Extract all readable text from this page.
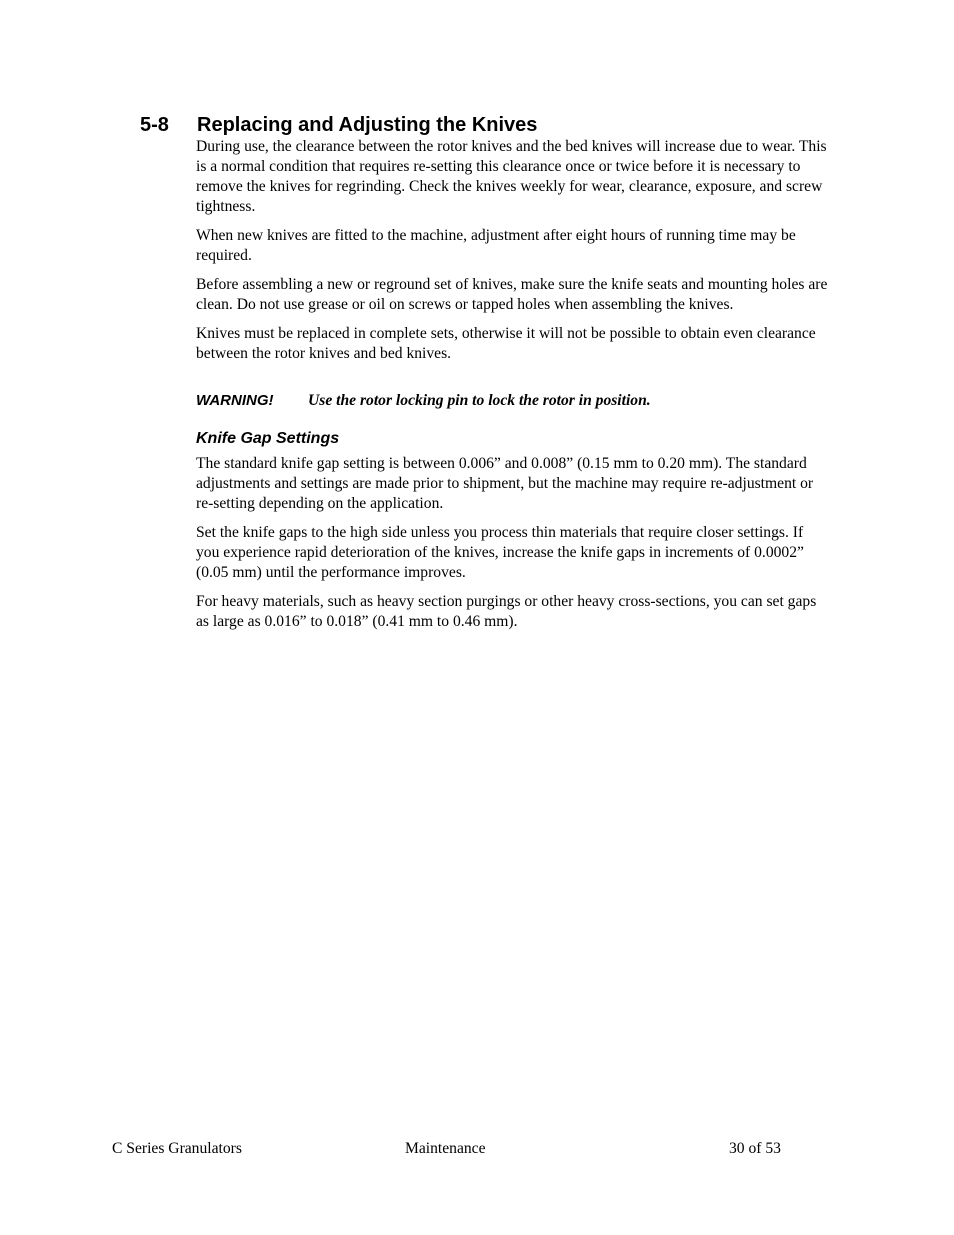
5-8 Replacing and Adjusting the Knives

During use, the clearance between the rotor knives and the bed knives will increase due to wear. This is a normal condition that requires re-setting this clearance once or twice before it is necessary to remove the knives for regrinding. Check the knives weekly for wear, clearance, exposure, and screw tightness.

When new knives are fitted to the machine, adjustment after eight hours of running time may be required.

Before assembling a new or reground set of knives, make sure the knife seats and mounting holes are clean. Do not use grease or oil on screws or tapped holes when assembling the knives.

Knives must be replaced in complete sets, otherwise it will not be possible to obtain even clearance between the rotor knives and bed knives.

WARNING! Use the rotor locking pin to lock the rotor in position.
Knife Gap Settings

The standard knife gap setting is between 0.006” and 0.008” (0.15 mm to 0.20 mm). The standard adjustments and settings are made prior to shipment, but the machine may require re-adjustment or re-setting depending on the application.

Set the knife gaps to the high side unless you process thin materials that require closer settings. If you experience rapid deterioration of the knives, increase the knife gaps in increments of 0.0002” (0.05 mm) until the performance improves.

For heavy materials, such as heavy section purgings or other heavy cross-sections, you can set gaps as large as 0.016” to 0.018” (0.41 mm to 0.46 mm).

C Series Granulators	Maintenance	30 of 53
